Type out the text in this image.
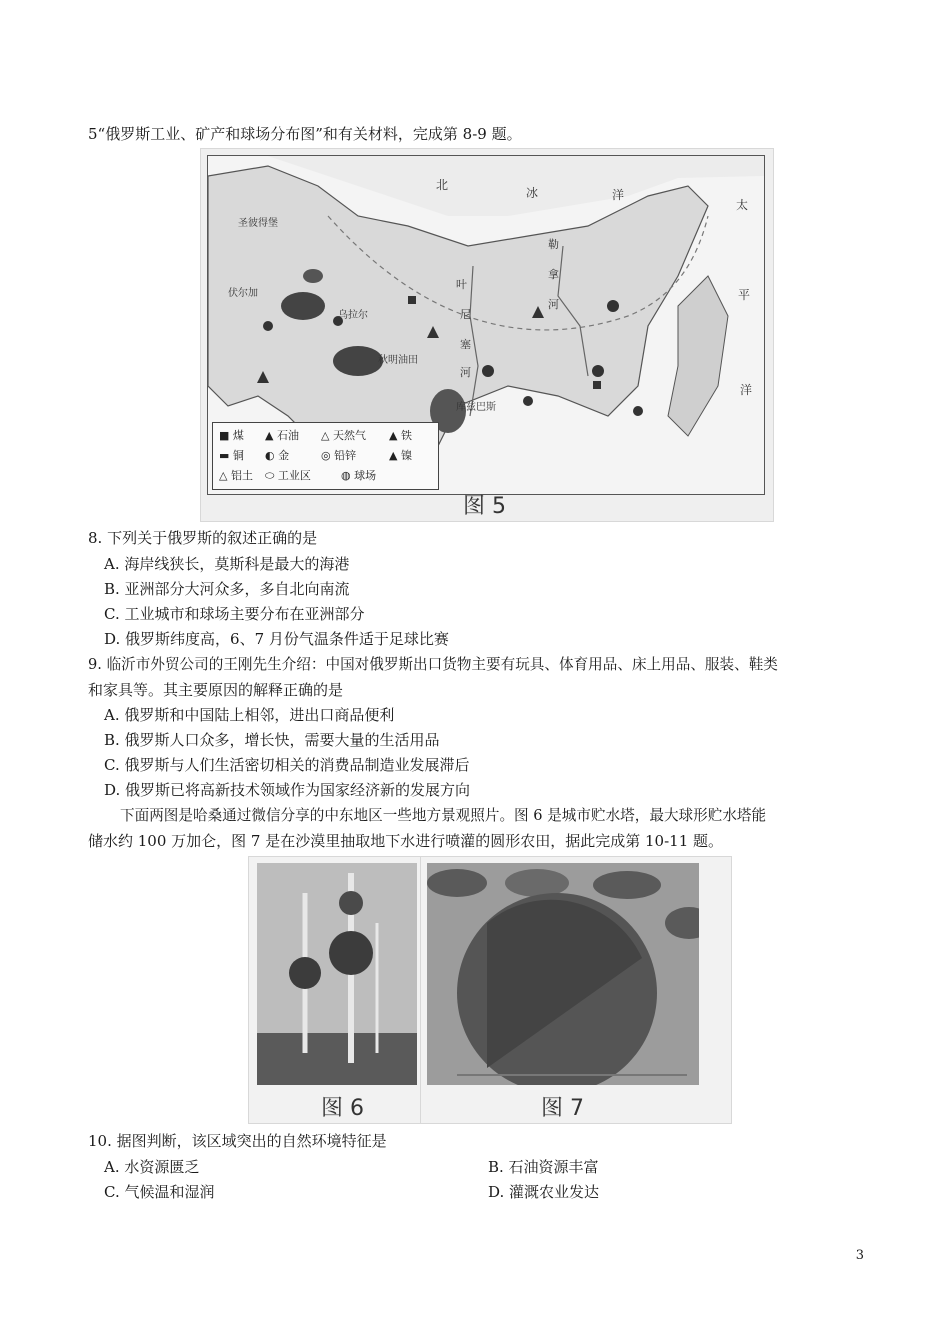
5“俄罗斯工业、矿产和球场分布图”和有关材料，完成第 8-9 题。
北
冰	洋
太
平
洋
圣彼得堡
伏尔加
乌拉尔
秋明油田
叶
尼
塞
河
勒
拿
河
库兹巴斯
■ 煤 ▲ 石油 △ 天然气 ▲ 铁
▬ 铜 ◐ 金	◎ 铅锌	▲ 镍
△ 铝土 ⬭ 工业区	◍ 球场
图 5
8. 下列关于俄罗斯的叙述正确的是
A. 海岸线狭长，莫斯科是最大的海港
B. 亚洲部分大河众多，多自北向南流
C. 工业城市和球场主要分布在亚洲部分
D. 俄罗斯纬度高，6、7 月份气温条件适于足球比赛
9. 临沂市外贸公司的王刚先生介绍：中国对俄罗斯出口货物主要有玩具、体育用品、床上用品、服装、鞋类
和家具等。其主要原因的解释正确的是
A. 俄罗斯和中国陆上相邻，进出口商品便利
B. 俄罗斯人口众多，增长快，需要大量的生活用品
C. 俄罗斯与人们生活密切相关的消费品制造业发展滞后
D. 俄罗斯已将高新技术领域作为国家经济新的发展方向
下面两图是哈桑通过微信分享的中东地区一些地方景观照片。图 6 是城市贮水塔，最大球形贮水塔能
储水约 100 万加仑，图 7 是在沙漠里抽取地下水进行喷灌的圆形农田，据此完成第 10-11 题。
图 6	图 7
10. 据图判断，该区域突出的自然环境特征是
A. 水资源匮乏	B. 石油资源丰富
C. 气候温和湿润	D. 灌溉农业发达
3
